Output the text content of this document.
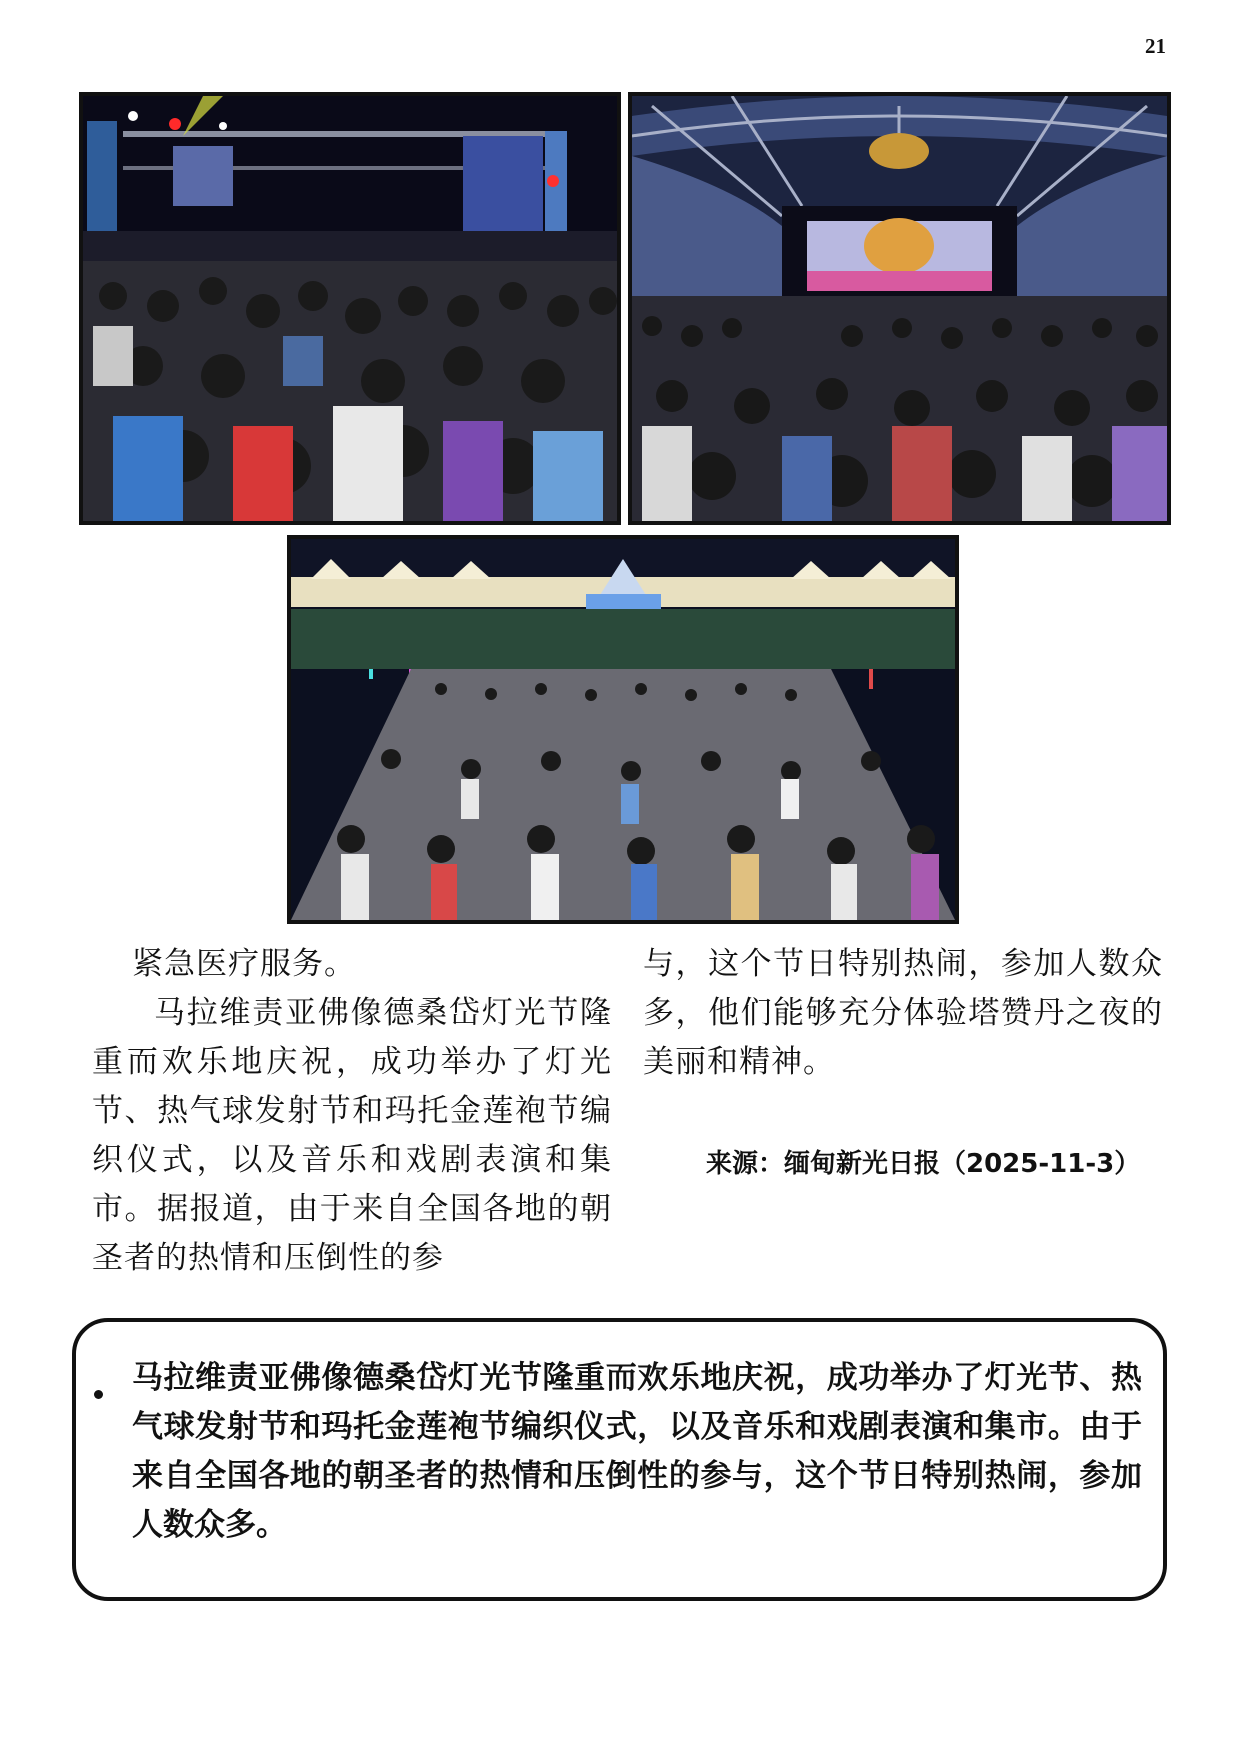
21

紧急医疗服务。

马拉维责亚佛像德桑岱灯光节隆重而欢乐地庆祝，成功举办了灯光节、热气球发射节和玛托金莲袍节编织仪式，以及音乐和戏剧表演和集市。据报道，由于来自全国各地的朝圣者的热情和压倒性的参

与，这个节日特别热闹，参加人数众多，他们能够充分体验塔赞丹之夜的美丽和精神。

来源：缅甸新光日报（2025-11-3）
马拉维责亚佛像德桑岱灯光节隆重而欢乐地庆祝，成功举办了灯光节、热气球发射节和玛托金莲袍节编织仪式，以及音乐和戏剧表演和集市。由于来自全国各地的朝圣者的热情和压倒性的参与，这个节日特别热闹，参加人数众多。
